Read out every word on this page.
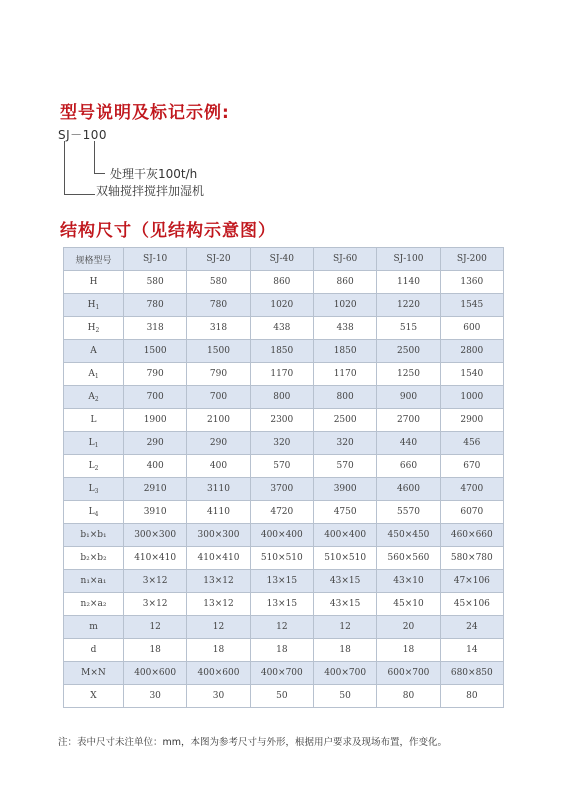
型号说明及标记示例:
SJ－100
处理干灰100t/h
双轴搅拌搅拌加湿机
结构尺寸（见结构示意图）
规格型号	SJ-10	SJ-20	SJ-40	SJ-60	SJ-100	SJ-200
H	580	580	860	860	1140	1360
$H_1$	780	780	1020	1020	1220	1545
$H_2$	318	318	438	438	515	600
A	1500	1500	1850	1850	2500	2800
$A_1$	790	790	1170	1170	1250	1540
$A_2$	700	700	800	800	900	1000
L	1900	2100	2300	2500	2700	2900
$L_1$	290	290	320	320	440	456
$L_2$	400	400	570	570	660	670
$L_3$	2910	3110	3700	3900	4600	4700
$L_4$	3910	4110	4720	4750	5570	6070
b₁×b₁	300×300	300×300	400×400	400×400	450×450	460×660
b₂×b₂	410×410	410×410	510×510	510×510	560×560	580×780
n₁×a₁	3×12	13×12	13×15	43×15	43×10	47×106
n₂×a₂	3×12	13×12	13×15	43×15	45×10	45×106
m	12	12	12	12	20	24
d	18	18	18	18	18	14
M×N	400×600	400×600	400×700	400×700	600×700	680×850
X	30	30	50	50	80	80
注：表中尺寸未注单位：mm，本图为参考尺寸与外形，根据用户要求及现场布置，作变化。
